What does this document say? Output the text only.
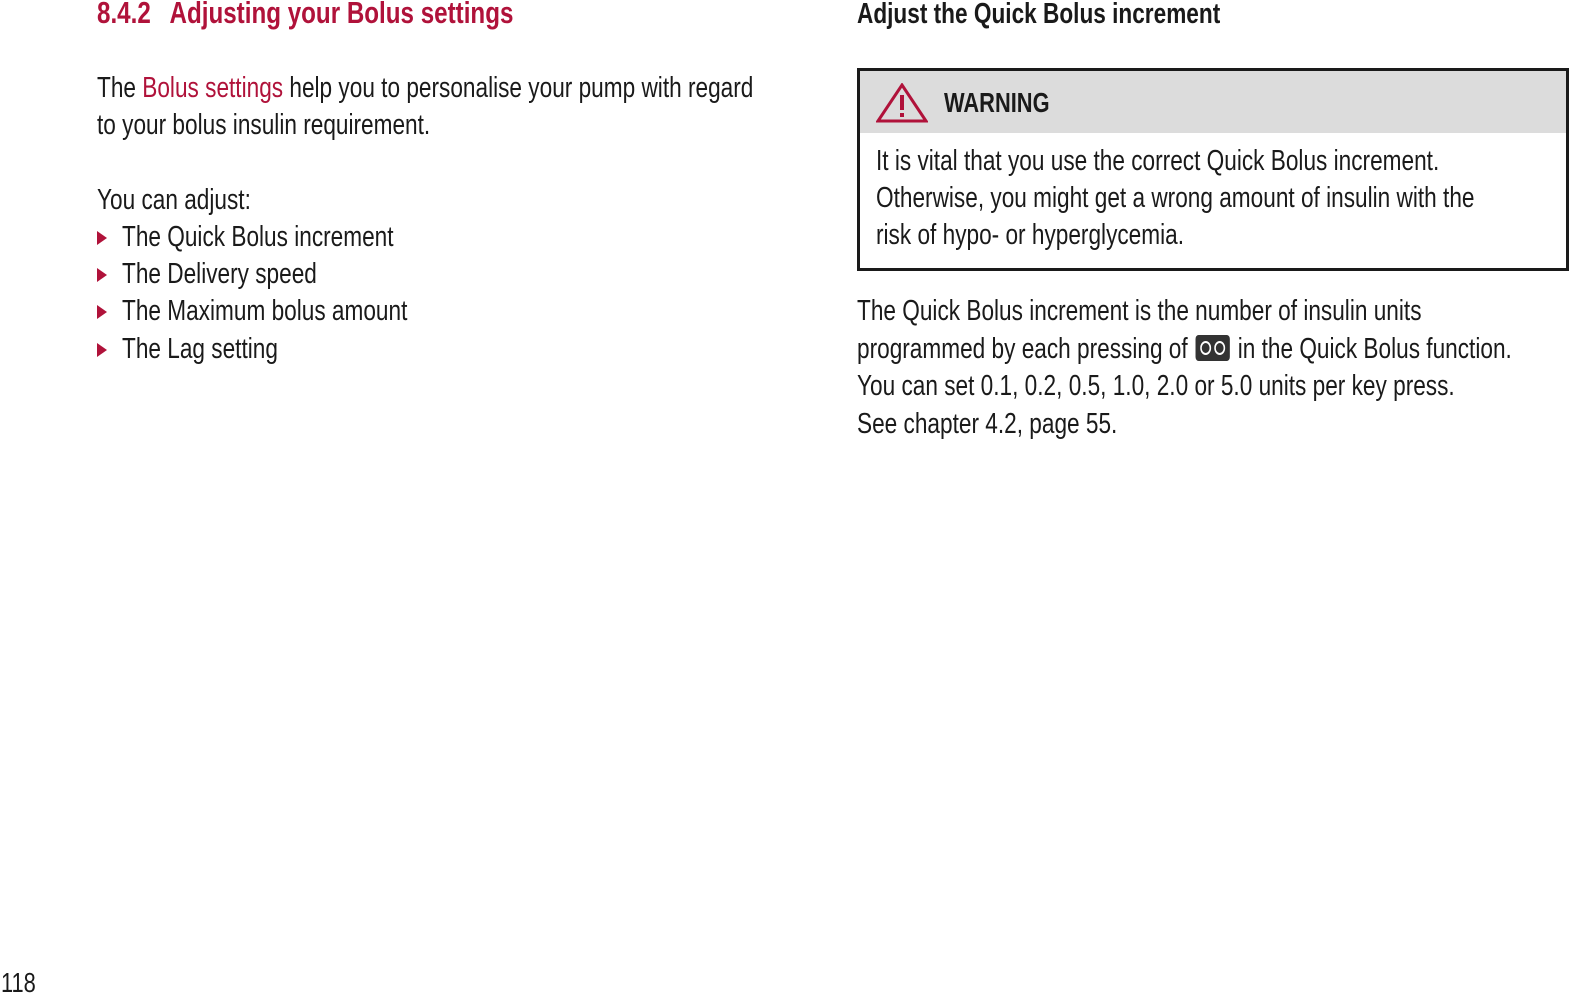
8.4.2 Adjusting your Bolus settings
The Bolus settings help you to personalise your pump with regard
to your bolus insulin requirement.
You can adjust:
The Quick Bolus increment
The Delivery speed
The Maximum bolus amount
The Lag setting
Adjust the Quick Bolus increment
WARNING
It is vital that you use the correct Quick Bolus increment.
Otherwise, you might get a wrong amount of insulin with the
risk of hypo- or hyperglycemia.
The Quick Bolus increment is the number of insulin units
programmed by each pressing of in the Quick Bolus function.
You can set 0.1, 0.2, 0.5, 1.0, 2.0 or 5.0 units per key press.
See chapter 4.2, page 55.
118
